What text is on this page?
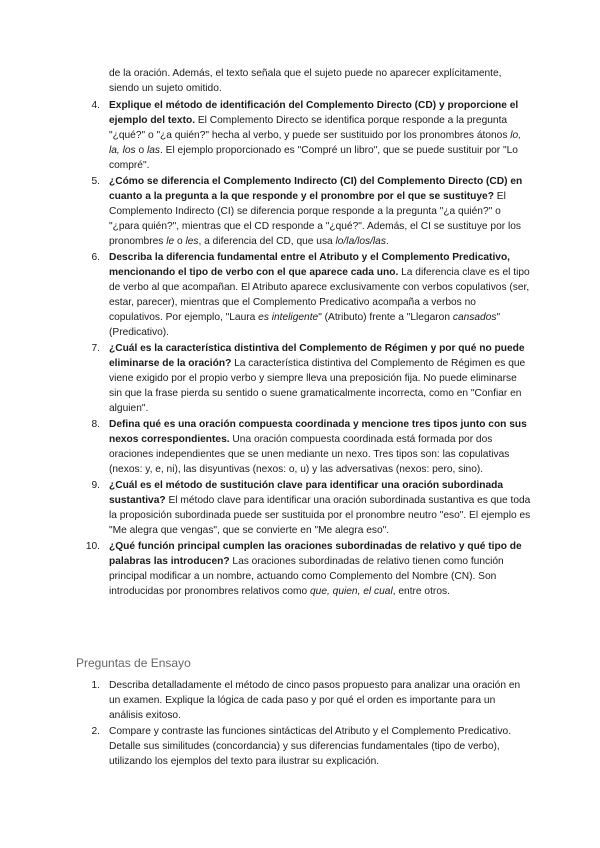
de la oración. Además, el texto señala que el sujeto puede no aparecer explícitamente, siendo un sujeto omitido.

4. Explique el método de identificación del Complemento Directo (CD) y proporcione el ejemplo del texto. El Complemento Directo se identifica porque responde a la pregunta "¿qué?" o "¿a quién?" hecha al verbo, y puede ser sustituido por los pronombres átonos lo, la, los o las. El ejemplo proporcionado es "Compré un libro", que se puede sustituir por "Lo compré".

5. ¿Cómo se diferencia el Complemento Indirecto (CI) del Complemento Directo (CD) en cuanto a la pregunta a la que responde y el pronombre por el que se sustituye? El Complemento Indirecto (CI) se diferencia porque responde a la pregunta "¿a quién?" o "¿para quién?", mientras que el CD responde a "¿qué?". Además, el CI se sustituye por los pronombres le o les, a diferencia del CD, que usa lo/la/los/las.

6. Describa la diferencia fundamental entre el Atributo y el Complemento Predicativo, mencionando el tipo de verbo con el que aparece cada uno. La diferencia clave es el tipo de verbo al que acompañan. El Atributo aparece exclusivamente con verbos copulativos (ser, estar, parecer), mientras que el Complemento Predicativo acompaña a verbos no copulativos. Por ejemplo, "Laura es inteligente" (Atributo) frente a "Llegaron cansados" (Predicativo).

7. ¿Cuál es la característica distintiva del Complemento de Régimen y por qué no puede eliminarse de la oración? La característica distintiva del Complemento de Régimen es que viene exigido por el propio verbo y siempre lleva una preposición fija. No puede eliminarse sin que la frase pierda su sentido o suene gramaticalmente incorrecta, como en "Confiar en alguien".

8. Defina qué es una oración compuesta coordinada y mencione tres tipos junto con sus nexos correspondientes. Una oración compuesta coordinada está formada por dos oraciones independientes que se unen mediante un nexo. Tres tipos son: las copulativas (nexos: y, e, ni), las disyuntivas (nexos: o, u) y las adversativas (nexos: pero, sino).

9. ¿Cuál es el método de sustitución clave para identificar una oración subordinada sustantiva? El método clave para identificar una oración subordinada sustantiva es que toda la proposición subordinada puede ser sustituida por el pronombre neutro "eso". El ejemplo es "Me alegra que vengas", que se convierte en "Me alegra eso".

10. ¿Qué función principal cumplen las oraciones subordinadas de relativo y qué tipo de palabras las introducen? Las oraciones subordinadas de relativo tienen como función principal modificar a un nombre, actuando como Complemento del Nombre (CN). Son introducidas por pronombres relativos como que, quien, el cual, entre otros.

Preguntas de Ensayo

1. Describa detalladamente el método de cinco pasos propuesto para analizar una oración en un examen. Explique la lógica de cada paso y por qué el orden es importante para un análisis exitoso.

2. Compare y contraste las funciones sintácticas del Atributo y el Complemento Predicativo. Detalle sus similitudes (concordancia) y sus diferencias fundamentales (tipo de verbo), utilizando los ejemplos del texto para ilustrar su explicación.
